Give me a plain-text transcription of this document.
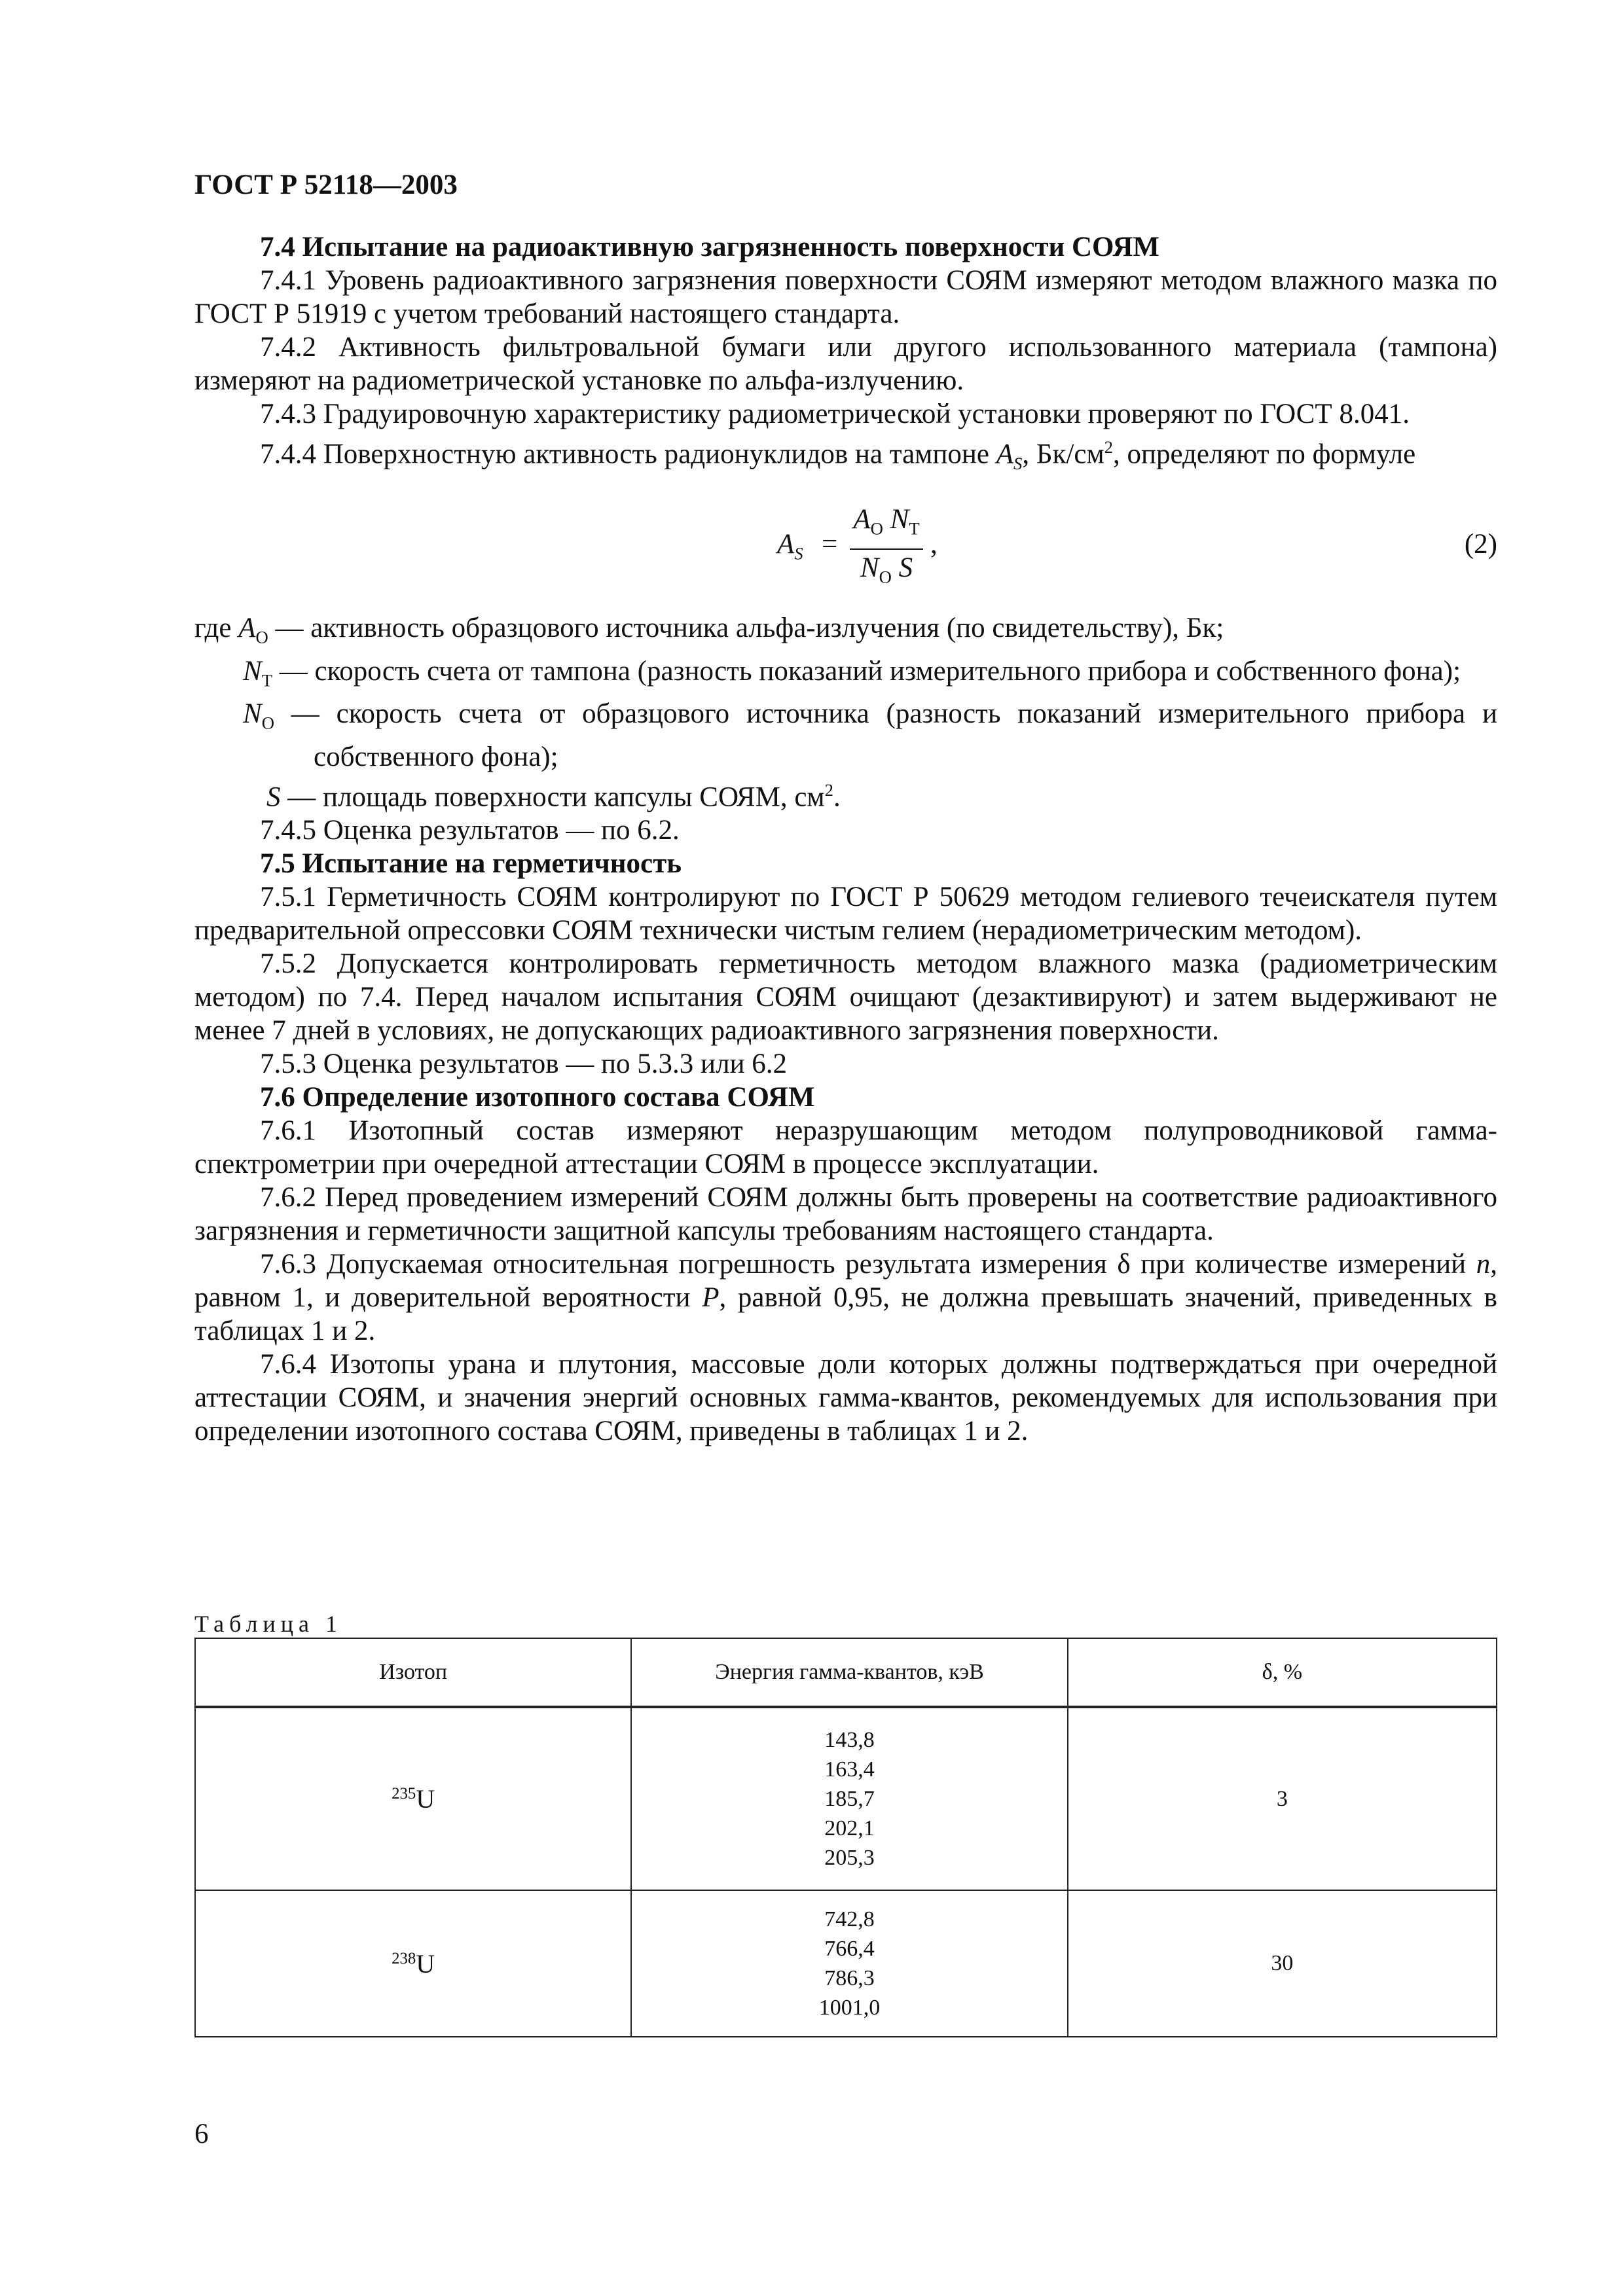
ГОСТ Р 52118—2003

7.4 Испытание на радиоактивную загрязненность поверхности СОЯМ

7.4.1 Уровень радиоактивного загрязнения поверхности СОЯМ измеряют методом влажного мазка по ГОСТ Р 51919 с учетом требований настоящего стандарта.

7.4.2 Активность фильтровальной бумаги или другого использованного материала (тампона) измеряют на радиометрической установке по альфа-излучению.

7.4.3 Градуировочную характеристику радиометрической установки проверяют по ГОСТ 8.041.

7.4.4 Поверхностную активность радионуклидов на тампоне $A_S$, $Бк/см^2$, определяют по формуле

$A_S$ =
$A_О$ $N_Т$
$N_О$ S
,	(2)

где $A_О$ — активность образцового источника альфа-излучения (по свидетельству), Бк;

$N_Т$ — скорость счета от тампона (разность показаний измерительного прибора и собственного фона);

$N_О$ — скорость счета от образцового источника (разность показаний измерительного прибора и собственного фона);

S — площадь поверхности капсулы СОЯМ, $см^2$.

7.4.5 Оценка результатов — по 6.2.

7.5 Испытание на герметичность

7.5.1 Герметичность СОЯМ контролируют по ГОСТ Р 50629 методом гелиевого течеискателя путем предварительной опрессовки СОЯМ технически чистым гелием (нерадиометрическим методом).

7.5.2 Допускается контролировать герметичность методом влажного мазка (радиометрическим методом) по 7.4. Перед началом испытания СОЯМ очищают (дезактивируют) и затем выдерживают не менее 7 дней в условиях, не допускающих радиоактивного загрязнения поверхности.

7.5.3 Оценка результатов — по 5.3.3 или 6.2

7.6 Определение изотопного состава СОЯМ

7.6.1 Изотопный состав измеряют неразрушающим методом полупроводниковой гамма-спектрометрии при очередной аттестации СОЯМ в процессе эксплуатации.

7.6.2 Перед проведением измерений СОЯМ должны быть проверены на соответствие радиоактивного загрязнения и герметичности защитной капсулы требованиям настоящего стандарта.

7.6.3 Допускаемая относительная погрешность результата измерения δ при количестве измерений n, равном 1, и доверительной вероятности P, равной 0,95, не должна превышать значений, приведенных в таблицах 1 и 2.

7.6.4 Изотопы урана и плутония, массовые доли которых должны подтверждаться при очередной аттестации СОЯМ, и значения энергий основных гамма-квантов, рекомендуемых для использования при определении изотопного состава СОЯМ, приведены в таблицах 1 и 2.

Таблица 1
Изотоп	Энергия гамма-квантов, кэВ	δ, %
$^{235}$U	143,8
163,4
185,7
202,1
205,3	3
$^{238}$U	742,8
766,4
786,3
1001,0	30
6
